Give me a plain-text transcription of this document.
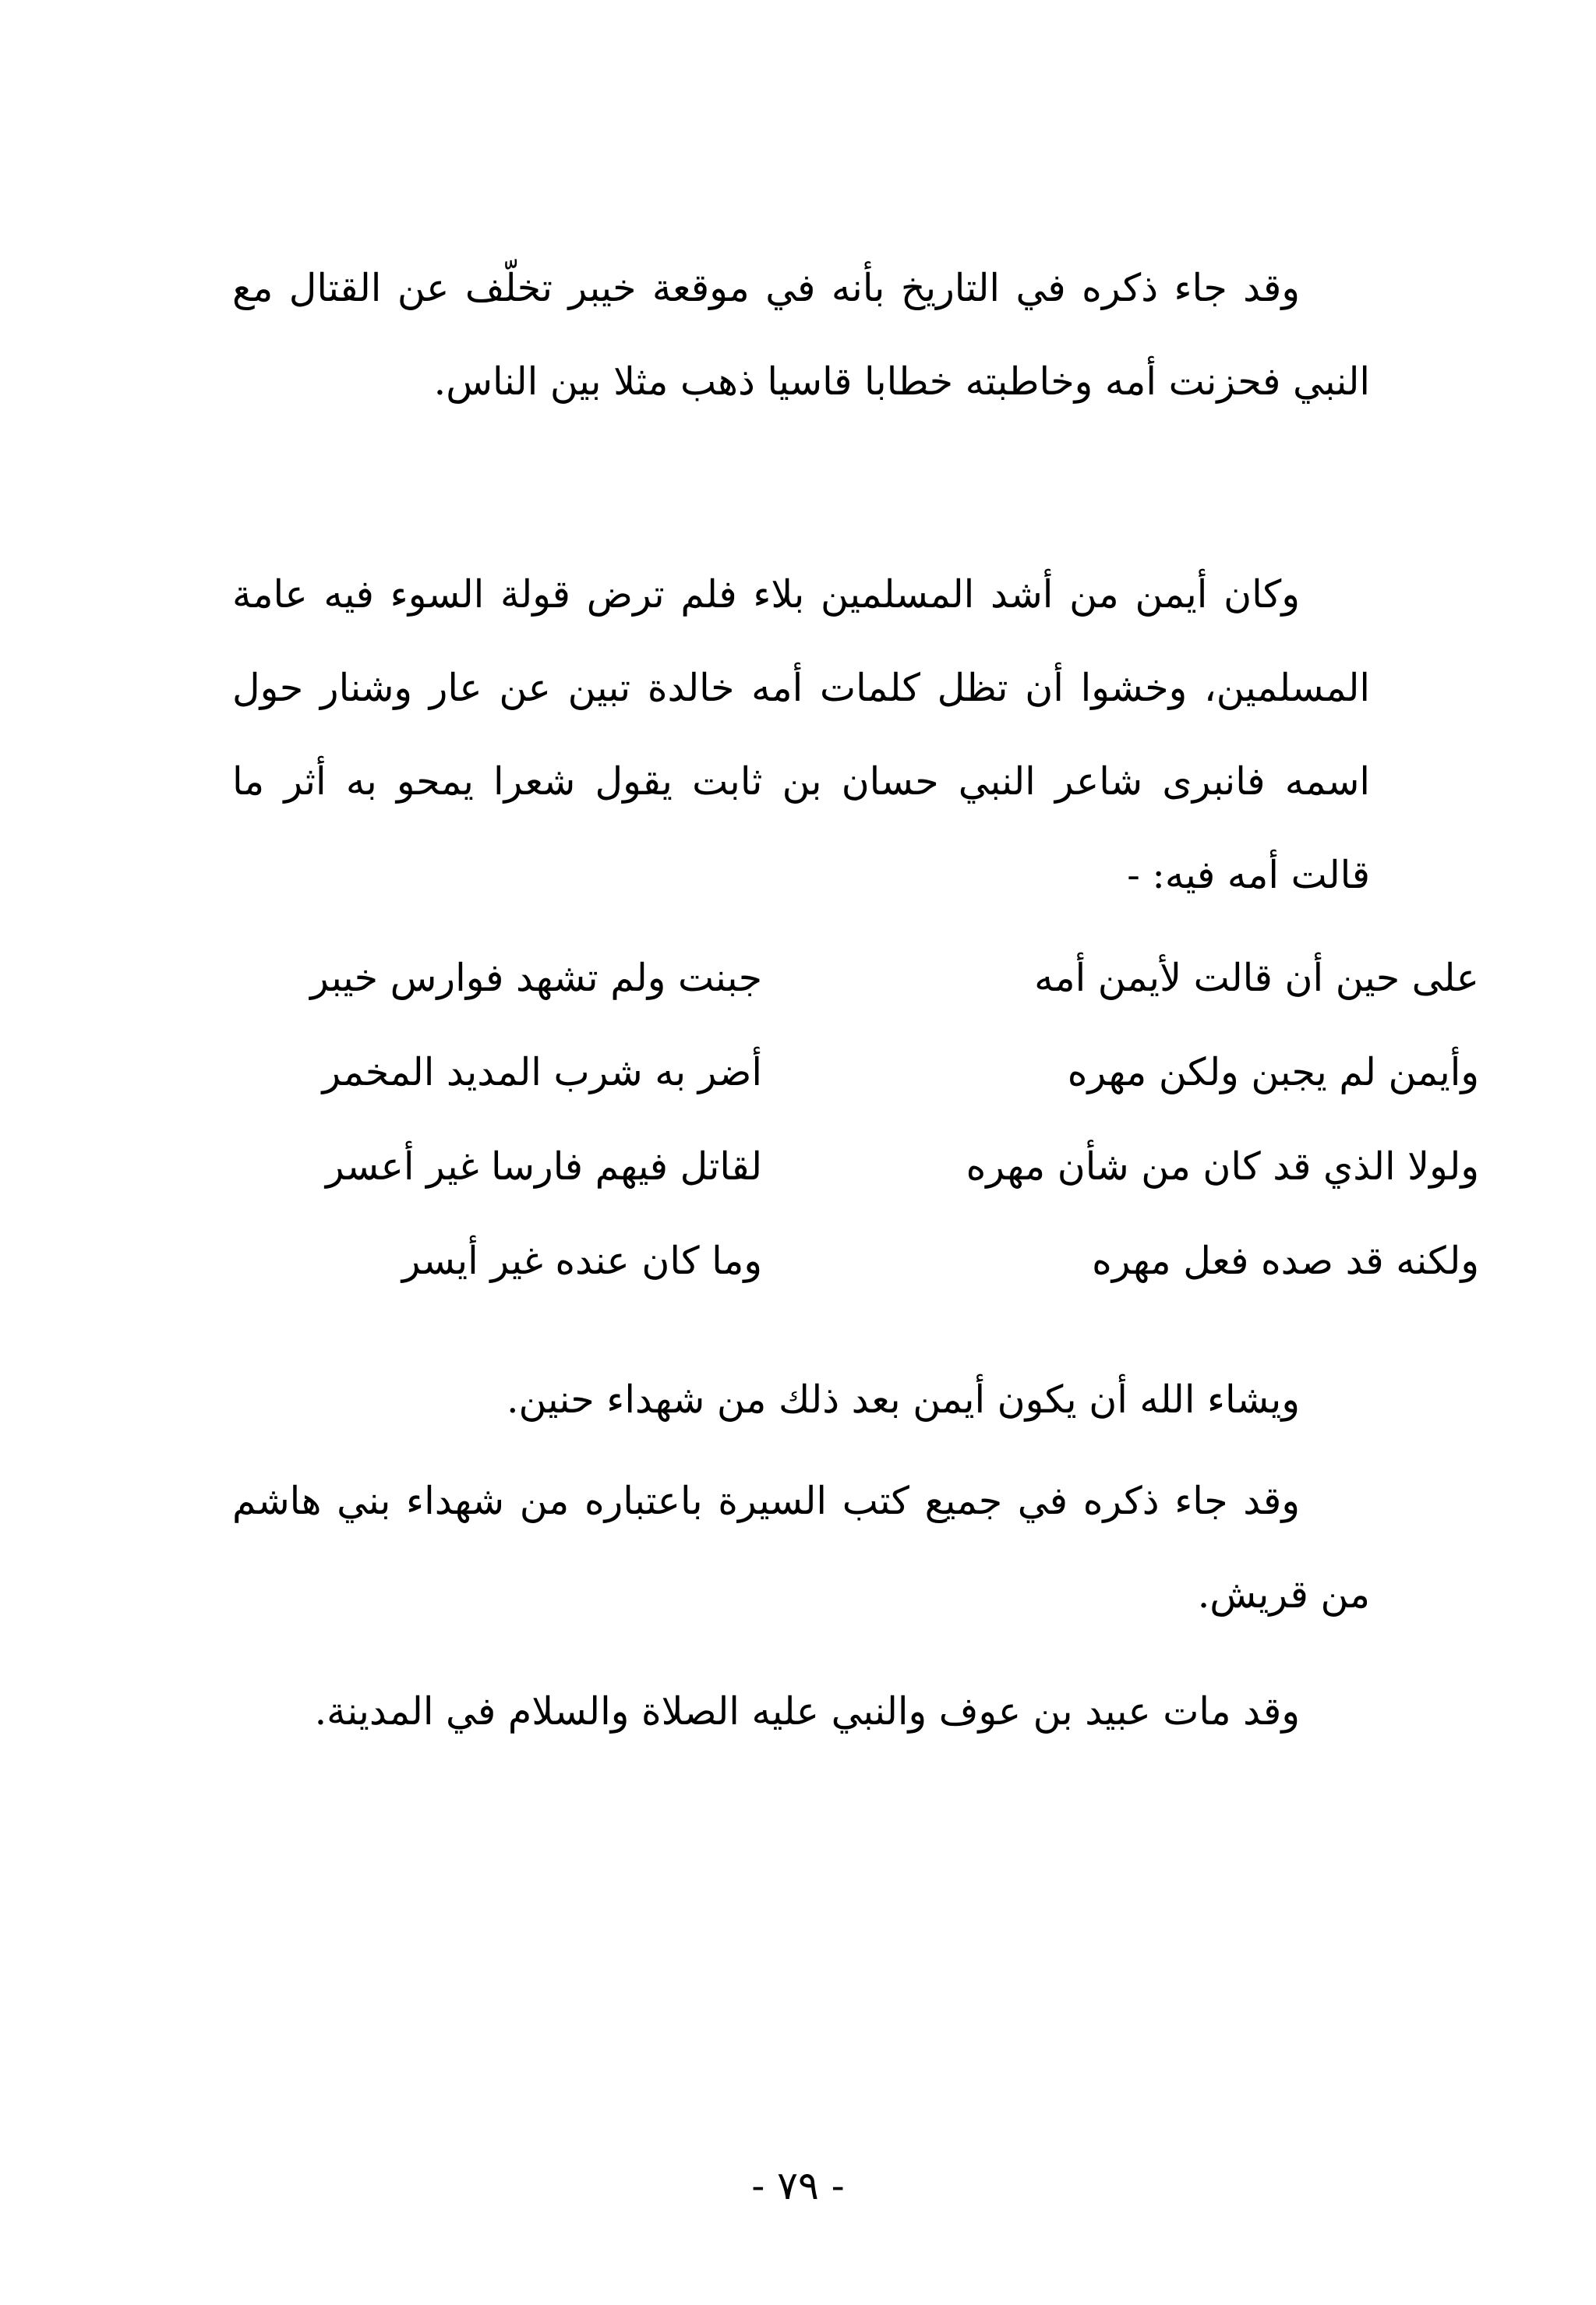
وقد جاء ذكره في التاريخ بأنه في موقعة خيبر تخلّف عن القتال مع النبي فحزنت أمه وخاطبته خطابا قاسيا ذهب مثلا بين الناس.

وكان أيمن من أشد المسلمين بلاء فلم ترض قولة السوء فيه عامة المسلمين، وخشوا أن تظل كلمات أمه خالدة تبين عن عار وشنار حول اسمه فانبرى شاعر النبي حسان بن ثابت يقول شعرا يمحو به أثر ما قالت أمه فيه: -

على حين أن قالت لأيمن أمه
جبنت ولم تشهد فوارس خيبر
وأيمن لم يجبن ولكن مهره
أضر به شرب المديد المخمر
ولولا الذي قد كان من شأن مهره
لقاتل فيهم فارسا غير أعسر
ولكنه قد صده فعل مهره
وما كان عنده غير أيسر

ويشاء الله أن يكون أيمن بعد ذلك من شهداء حنين.

وقد جاء ذكره في جميع كتب السيرة باعتباره من شهداء بني هاشم من قريش.

وقد مات عبيد بن عوف والنبي عليه الصلاة والسلام في المدينة.

- ٧٩ -
